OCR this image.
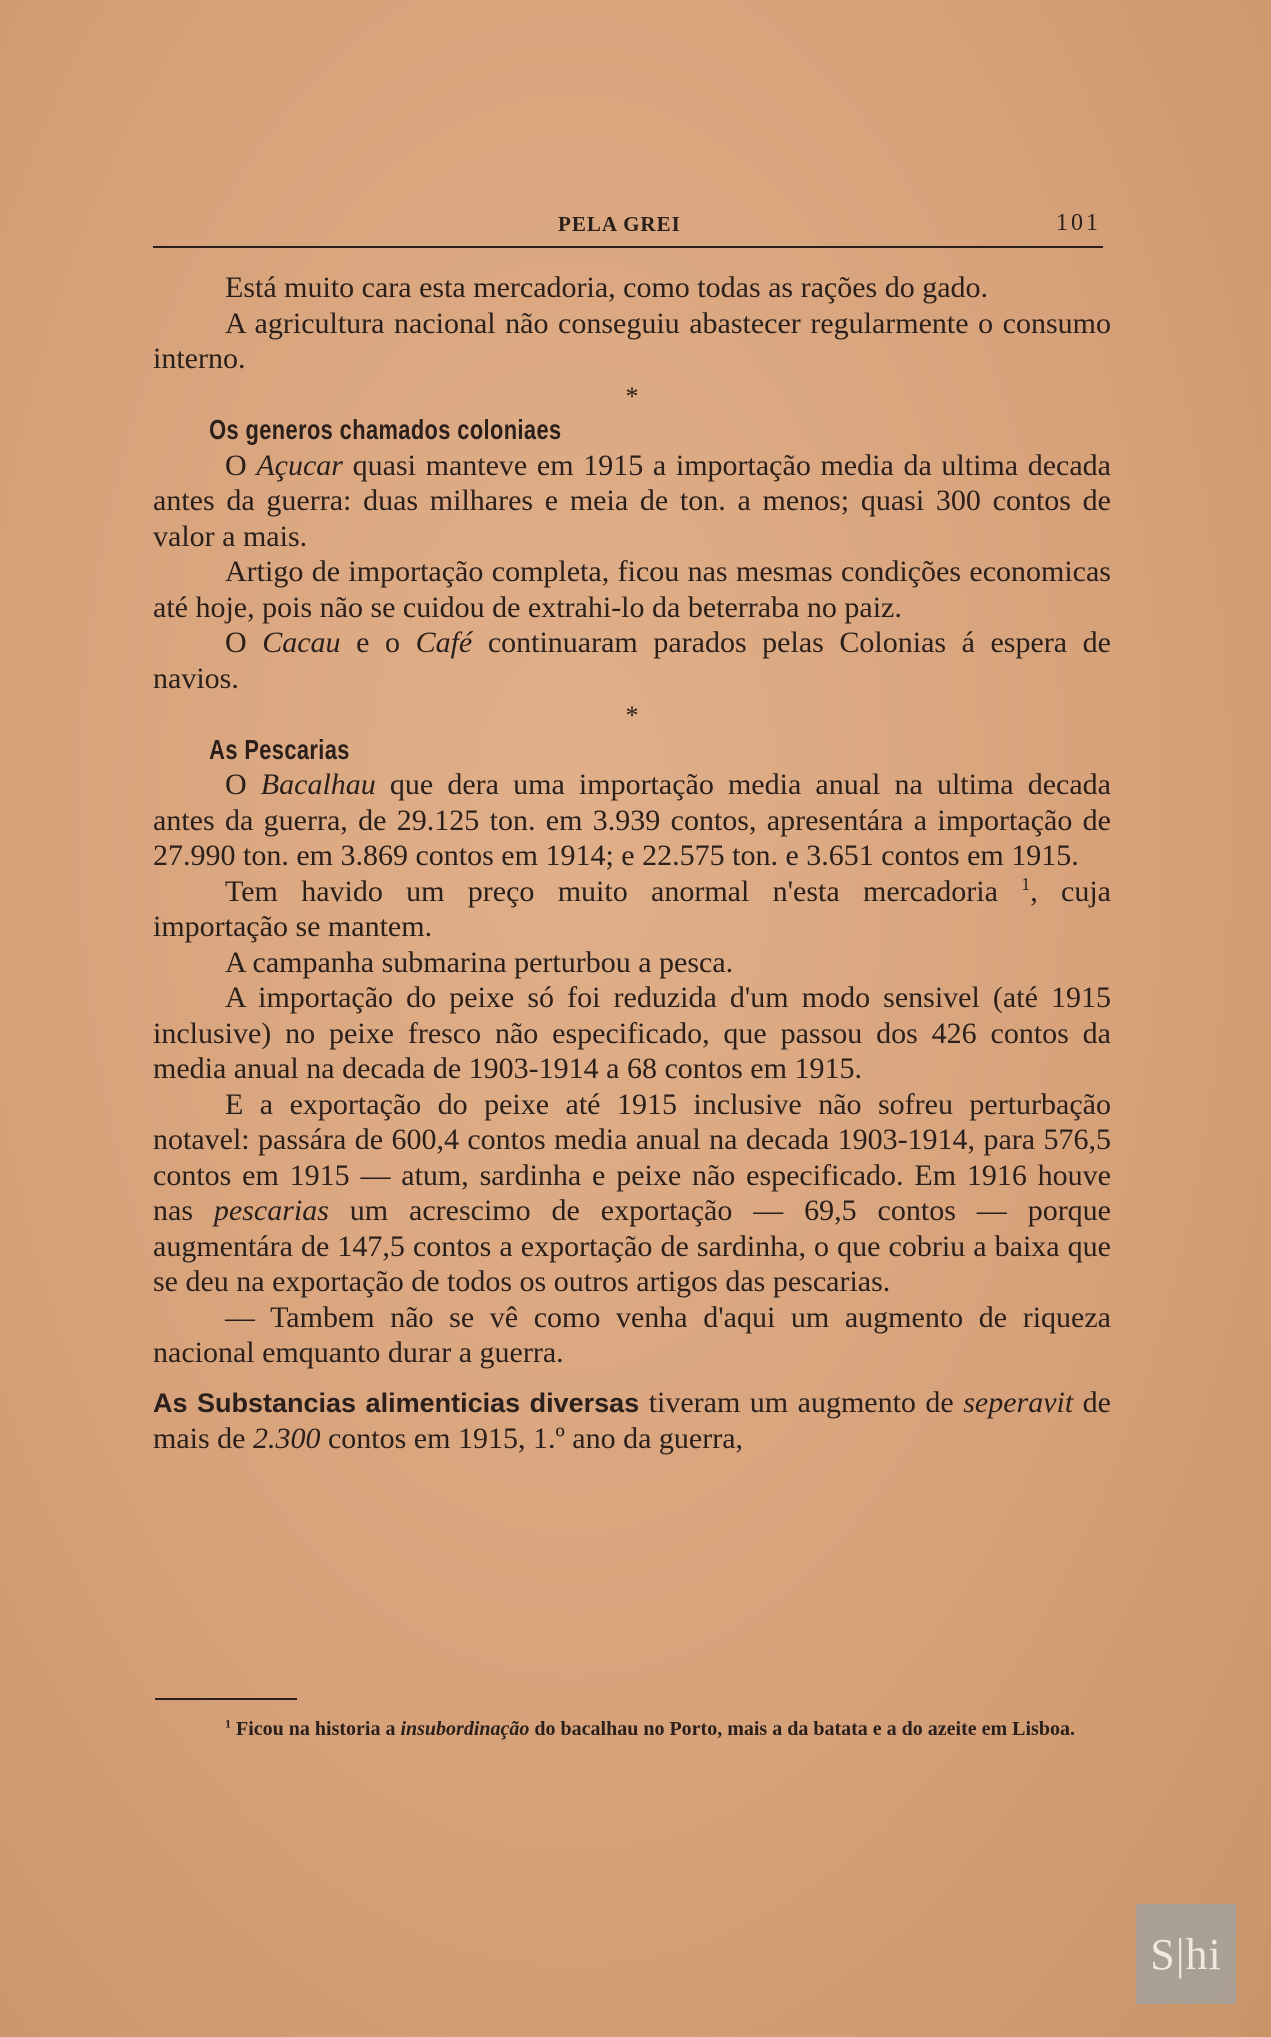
PELA GREI	101

Está muito cara esta mercadoria, como todas as rações do gado.

A agricultura nacional não conseguiu abastecer regularmente o consumo interno.

*
Os generos chamados coloniaes

O Açucar quasi manteve em 1915 a importação media da ultima decada antes da guerra: duas milhares e meia de ton. a menos; quasi 300 contos de valor a mais.

Artigo de importação completa, ficou nas mesmas condições economicas até hoje, pois não se cuidou de extrahi-lo da beterraba no paiz.

O Cacau e o Café continuaram parados pelas Colonias á espera de navios.

*
As Pescarias

O Bacalhau que dera uma importação media anual na ultima decada antes da guerra, de 29.125 ton. em 3.939 contos, apresentára a importação de 27.990 ton. em 3.869 contos em 1914; e 22.575 ton. e 3.651 contos em 1915.

Tem havido um preço muito anormal n'esta mercadoria $^1$, cuja importação se mantem.

A campanha submarina perturbou a pesca.

A importação do peixe só foi reduzida d'um modo sensivel (até 1915 inclusive) no peixe fresco não especificado, que passou dos 426 contos da media anual na decada de 1903-1914 a 68 contos em 1915.

E a exportação do peixe até 1915 inclusive não sofreu perturbação notavel: passára de 600,4 contos media anual na decada 1903-1914, para 576,5 contos em 1915 — atum, sardinha e peixe não especificado. Em 1916 houve nas pescarias um acrescimo de exportação — 69,5 contos — porque augmentára de 147,5 contos a exportação de sardinha, o que cobriu a baixa que se deu na exportação de todos os outros artigos das pescarias.

— Tambem não se vê como venha d'aqui um augmento de riqueza nacional emquanto durar a guerra.

As Substancias alimenticias diversas tiveram um augmento de seperavit de mais de 2.300 contos em 1915, 1.º ano da guerra,

$^1$ Ficou na historia a insubordinação do bacalhau no Porto, mais a da batata e a do azeite em Lisboa.
S|hi
